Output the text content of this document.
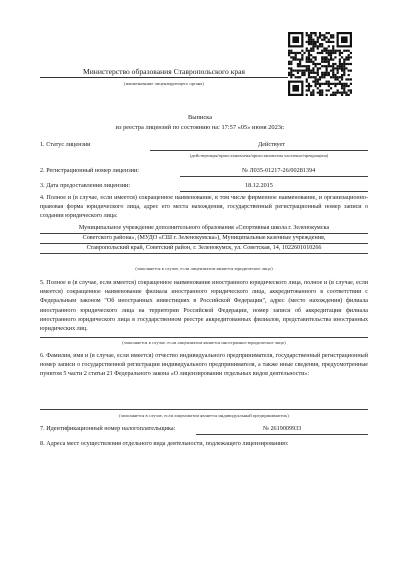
Министерство образования Ставропольского края
(наименование лицензирующего органа)
Выписка
из реестра лицензий по состоянию на: 17:57 «05» июня 2023г.
1. Статус лицензии	Действует
(действующая/приостановлена/приостановлена частично/прекращена)
2. Регистрационный номер лицензии:	№ Л035-01217-26/00281394
3. Дата предоставления лицензии:	18.12.2015
4. Полное и (в случае, если имеется) сокращенное наименование, в том числе фирменное наименование, и организационно-правовая форма юридического лица, адрес его места нахождения, государственный регистрационный номер записи о создании юридического лица:
Муниципальное учреждение дополнительного образования «Спортивная школа г. Зеленокумска
Советского района», (МУДО «СШ г. Зеленокумска»), Муниципальные казенные учреждения,
Ставропольский край, Советский район, г. Зеленокумск, ул. Советская, 14, 1022601010266
(заполняется в случае, если лицензиатом является юридическое лицо)
5. Полное и (в случае, если имеется) сокращенное наименование иностранного юридического лица, полное и (в случае, если имеется) сокращенное наименование филиала иностранного юридического лица, аккредитованного в соответствии с Федеральным законом "Об иностранных инвестициях в Российской Федерации", адрес (место нахождения) филиала иностранного юридического лица на территории Российской Федерации, номер записи об аккредитации филиала иностранного юридического лица в государственном реестре аккредитованных филиалов, представительства иностранных юридических лиц.
(заполняется в случае, если лицензиатом является иностранное юридическое лицо)
6. Фамилия, имя и (в случае, если имеется) отчество индивидуального предпринимателя, государственный регистрационный номер записи о государственной регистрации индивидуального предпринимателя, а также иные сведения, предусмотренные пунктом 5 части 2 статьи 21 Федерального закона «О лицензировании отдельных видов деятельности»:
(заполняется в случае, если лицензиатом является индивидуальный предприниматель)
7. Идентификационный номер налогоплательщика:	№ 2619009933
8. Адреса мест осуществления отдельного вида деятельности, подлежащего лицензированию:
